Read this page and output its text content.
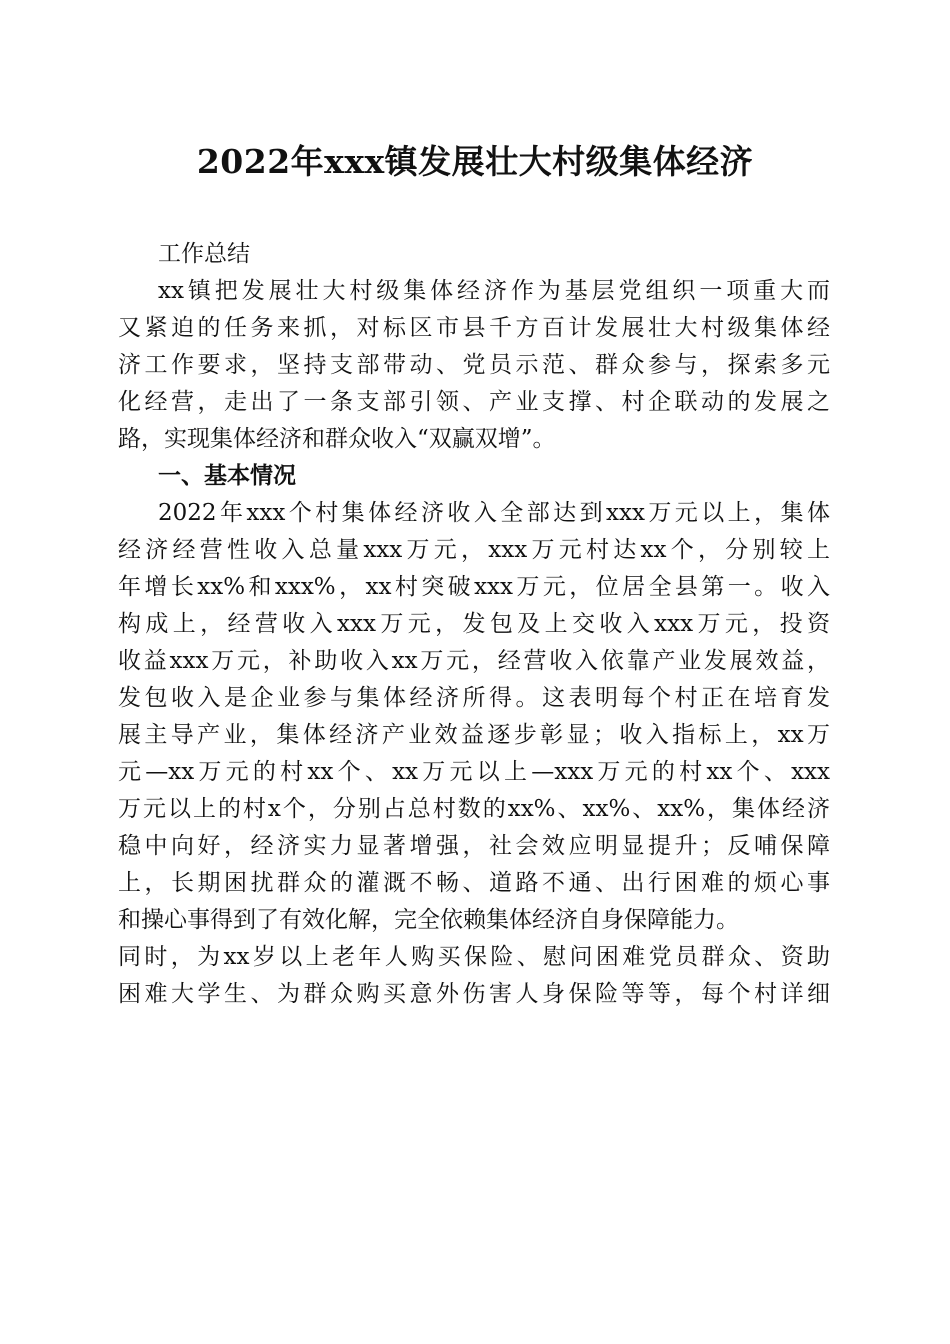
2022年xxx镇发展壮大村级集体经济
工作总结
xx镇把发展壮大村级集体经济作为基层党组织一项重大而
又紧迫的任务来抓，对标区市县千方百计发展壮大村级集体经
济工作要求，坚持支部带动、党员示范、群众参与，探索多元
化经营，走出了一条支部引领、产业支撑、村企联动的发展之
路，实现集体经济和群众收入“双赢双增”。
一、基本情况
2022年xxx个村集体经济收入全部达到xxx万元以上，集体
经济经营性收入总量xxx万元，xxx万元村达xx个，分别较上
年增长xx%和xxx%，xx村突破xxx万元，位居全县第一。收入
构成上，经营收入xxx万元，发包及上交收入xxx万元，投资
收益xxx万元，补助收入xx万元，经营收入依靠产业发展效益，
发包收入是企业参与集体经济所得。这表明每个村正在培育发
展主导产业，集体经济产业效益逐步彰显；收入指标上，xx万
元—xx万元的村xx个、xx万元以上—xxx万元的村xx个、xxx
万元以上的村x个，分别占总村数的xx%、xx%、xx%，集体经济
稳中向好，经济实力显著增强，社会效应明显提升；反哺保障
上，长期困扰群众的灌溉不畅、道路不通、出行困难的烦心事
和操心事得到了有效化解，完全依赖集体经济自身保障能力。
同时，为xx岁以上老年人购买保险、慰问困难党员群众、资助
困难大学生、为群众购买意外伤害人身保险等等，每个村详细
